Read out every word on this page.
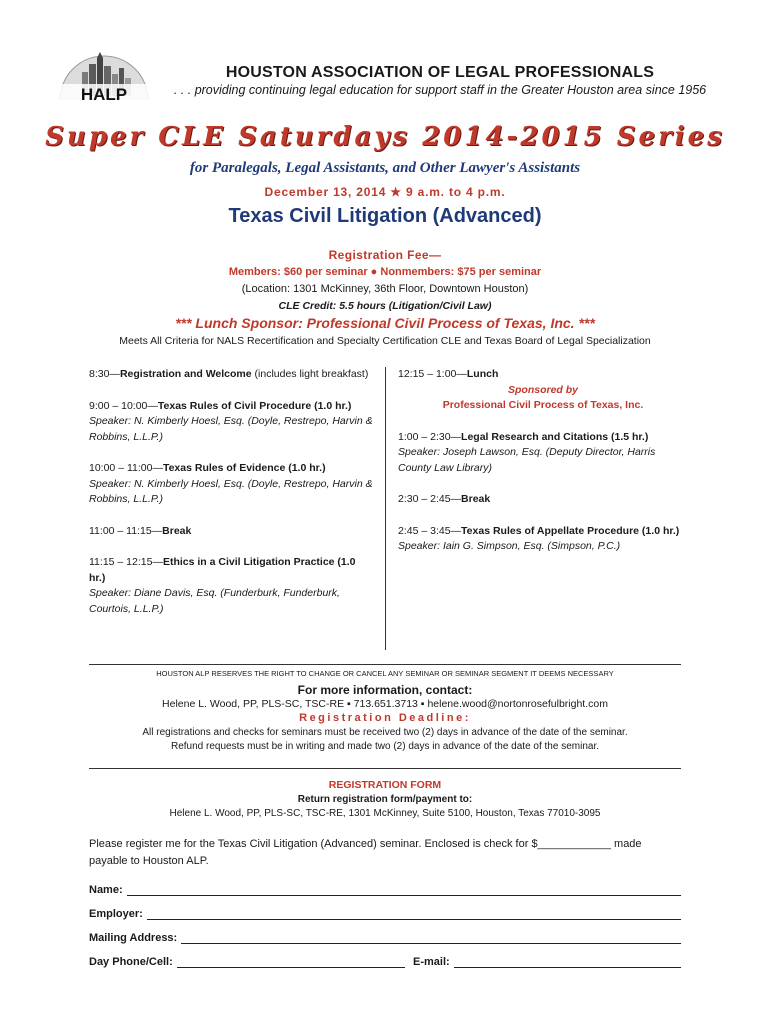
HALP
HOUSTON ASSOCIATION OF LEGAL PROFESSIONALS
. . . providing continuing legal education for support staff in the Greater Houston area since 1956
Super CLE Saturdays 2014-2015 Series
for Paralegals, Legal Assistants, and Other Lawyer's Assistants
December 13, 2014 ★ 9 a.m. to 4 p.m.
Texas Civil Litigation (Advanced)
Registration Fee—
Members: $60 per seminar ● Nonmembers: $75 per seminar
(Location: 1301 McKinney, 36th Floor, Downtown Houston)
CLE Credit: 5.5 hours (Litigation/Civil Law)
*** Lunch Sponsor: Professional Civil Process of Texas, Inc. ***
Meets All Criteria for NALS Recertification and Specialty Certification CLE and Texas Board of Legal Specialization
8:30—Registration and Welcome (includes light breakfast)
9:00 – 10:00—Texas Rules of Civil Procedure (1.0 hr.)
Speaker: N. Kimberly Hoesl, Esq. (Doyle, Restrepo, Harvin & Robbins, L.L.P.)
10:00 – 11:00—Texas Rules of Evidence (1.0 hr.)
Speaker: N. Kimberly Hoesl, Esq. (Doyle, Restrepo, Harvin & Robbins, L.L.P.)
11:00 – 11:15—Break
11:15 – 12:15—Ethics in a Civil Litigation Practice (1.0 hr.)
Speaker: Diane Davis, Esq. (Funderburk, Funderburk, Courtois, L.L.P.)
12:15 – 1:00—Lunch
Sponsored by
Professional Civil Process of Texas, Inc.
1:00 – 2:30—Legal Research and Citations (1.5 hr.)
Speaker: Joseph Lawson, Esq. (Deputy Director, Harris County Law Library)
2:30 – 2:45—Break
2:45 – 3:45—Texas Rules of Appellate Procedure (1.0 hr.)
Speaker: Iain G. Simpson, Esq. (Simpson, P.C.)
HOUSTON ALP RESERVES THE RIGHT TO CHANGE OR CANCEL ANY SEMINAR OR SEMINAR SEGMENT IT DEEMS NECESSARY
For more information, contact:
Helene L. Wood, PP, PLS-SC, TSC-RE ▪ 713.651.3713 ▪ helene.wood@nortonrosefulbright.com
Registration Deadline:
All registrations and checks for seminars must be received two (2) days in advance of the date of the seminar.
Refund requests must be in writing and made two (2) days in advance of the date of the seminar.
REGISTRATION FORM
Return registration form/payment to:
Helene L. Wood, PP, PLS-SC, TSC-RE, 1301 McKinney, Suite 5100, Houston, Texas 77010-3095
Please register me for the Texas Civil Litigation (Advanced) seminar. Enclosed is check for $____________ made payable to Houston ALP.
Name:
Employer:
Mailing Address:
Day Phone/Cell:	E-mail:
